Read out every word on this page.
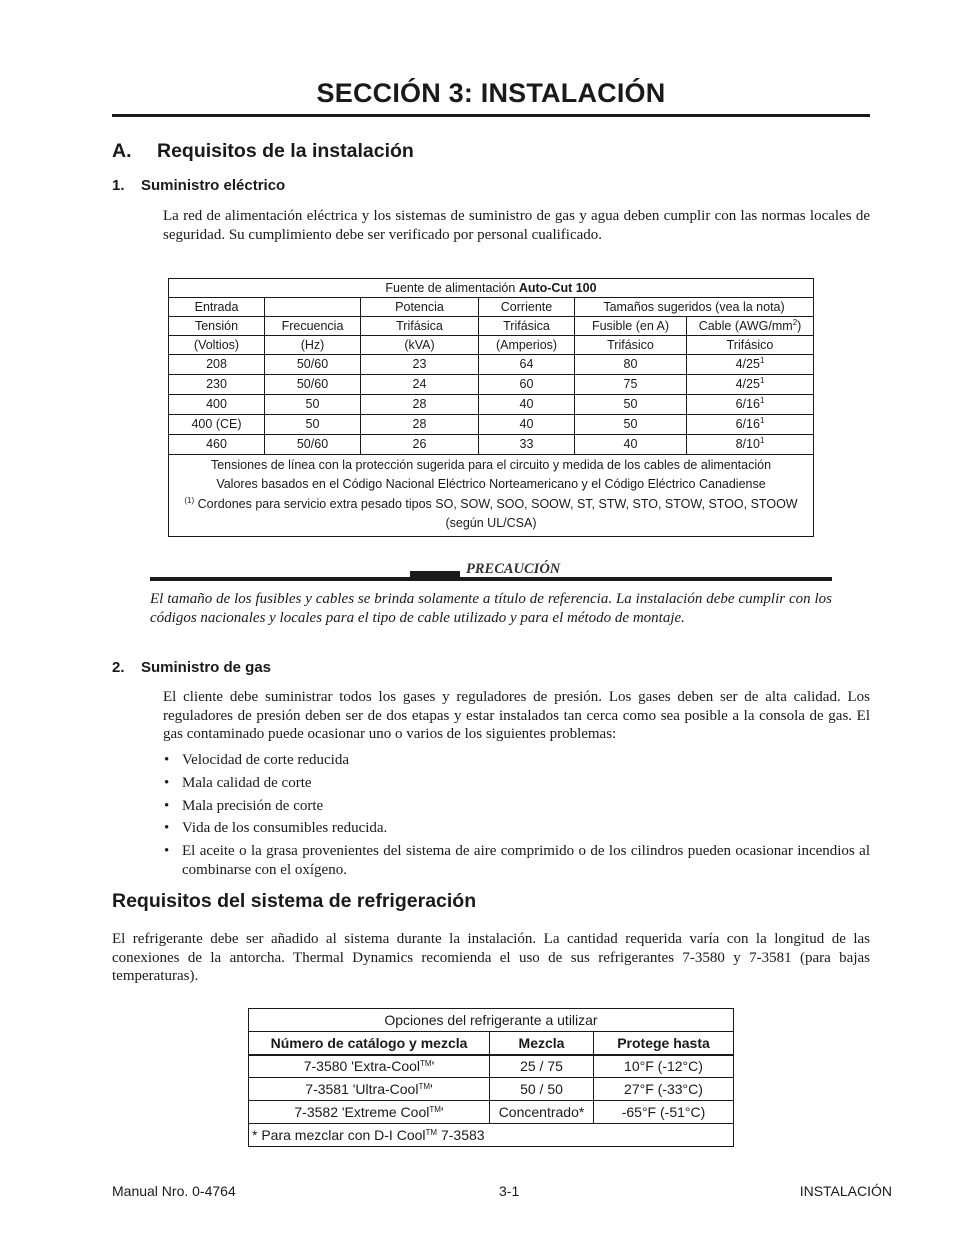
SECCIÓN 3: INSTALACIÓN
A. Requisitos de la instalación
1. Suministro eléctrico
La red de alimentación eléctrica y los sistemas de suministro de gas y agua deben cumplir con las normas locales de seguridad. Su cumplimiento debe ser verificado por personal cualificado.
Fuente de alimentación Auto-Cut 100					
Entrada		Potencia	Corriente	Tamaños sugeridos (vea la nota)	
Tensión	Frecuencia	Trifásica	Trifásica	Fusible (en A)	Cable $(AWG/mm^2)$
(Voltios)	(Hz)	(kVA)	(Amperios)	Trifásico	Trifásico
208	50/60	23	64	80	$4/25^1$
230	50/60	24	60	75	$4/25^1$
400	50	28	40	50	$6/16^1$
400 (CE)	50	28	40	50	$6/16^1$
460	50/60	26	33	40	$8/10^1$

Tensiones de línea con la protección sugerida para el circuito y medida de los cables de alimentación
Valores basados en el Código Nacional Eléctrico Norteamericano y el Código Eléctrico Canadiense
$^{(1)}$ Cordones para servicio extra pesado tipos SO, SOW, SOO, SOOW, ST, STW, STO, STOW, STOO, STOOW (según UL/CSA)					
PRECAUCIÓN
El tamaño de los fusibles y cables se brinda solamente a título de referencia. La instalación debe cumplir con los códigos nacionales y locales para el tipo de cable utilizado y para el método de montaje.
2. Suministro de gas
El cliente debe suministrar todos los gases y reguladores de presión. Los gases deben ser de alta calidad. Los reguladores de presión deben ser de dos etapas y estar instalados tan cerca como sea posible a la consola de gas. El gas contaminado puede ocasionar uno o varios de los siguientes problemas:
• Velocidad de corte reducida
• Mala calidad de corte
• Mala precisión de corte
• Vida de los consumibles reducida.
• El aceite o la grasa provenientes del sistema de aire comprimido o de los cilindros pueden ocasionar incendios al combinarse con el oxígeno.
Requisitos del sistema de refrigeración
El refrigerante debe ser añadido al sistema durante la instalación. La cantidad requerida varía con la longitud de las conexiones de la antorcha. Thermal Dynamics recomienda el uso de sus refrigerantes 7-3580 y 7-3581 (para bajas temperaturas).
Opciones del refrigerante a utilizar		
Número de catálogo y mezcla	Mezcla	Protege hasta
7-3580 'Extra-Cool™'	25 / 75	10°F (-12°C)
7-3581 'Ultra-Cool™'	50 / 50	27°F (-33°C)
7-3582 'Extreme Cool™'	Concentrado*	-65°F (-51°C)
* Para mezclar con D-I Cool™ 7-3583		
Manual Nro. 0-4764	3-1	INSTALACIÓN
